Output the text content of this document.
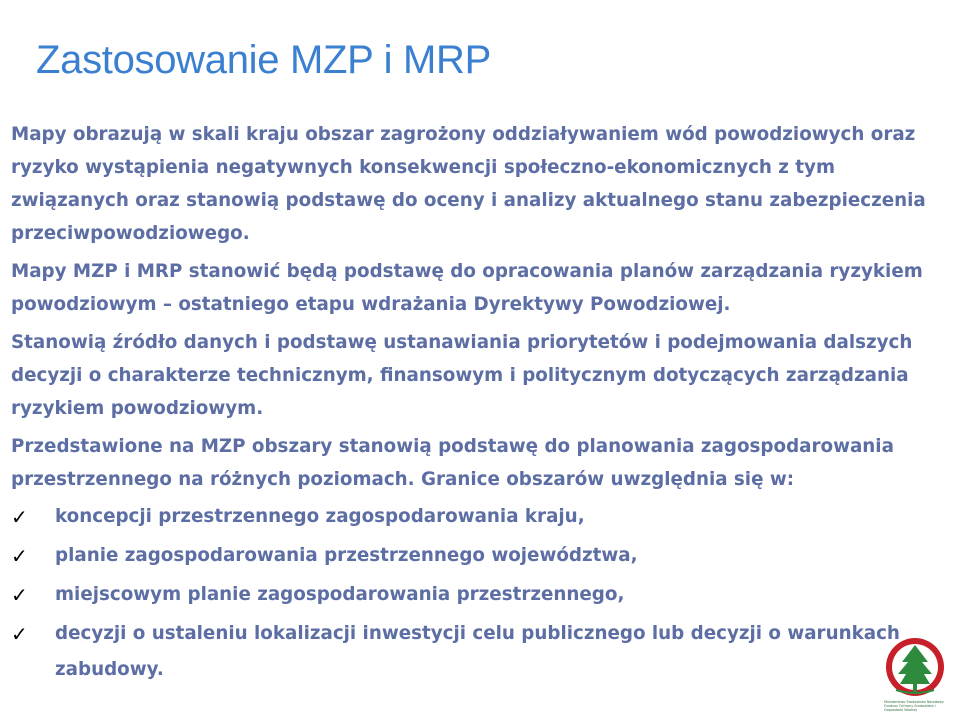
Zastosowanie MZP i MRP

Mapy obrazują w skali kraju obszar zagrożony oddziaływaniem wód powodziowych oraz ryzyko wystąpienia negatywnych konsekwencji społeczno-ekonomicznych z tym związanych oraz stanowią podstawę do oceny i analizy aktualnego stanu zabezpieczenia przeciwpowodziowego.

Mapy MZP i MRP stanowić będą podstawę do opracowania planów zarządzania ryzykiem powodziowym – ostatniego etapu wdrażania Dyrektywy Powodziowej.

Stanowią źródło danych i podstawę ustanawiania priorytetów i podejmowania dalszych decyzji o charakterze technicznym, finansowym i politycznym dotyczących zarządzania ryzykiem powodziowym.

Przedstawione na MZP obszary stanowią podstawę do planowania zagospodarowania przestrzennego na różnych poziomach. Granice obszarów uwzględnia się w:

✓ koncepcji przestrzennego zagospodarowania kraju,
✓ planie zagospodarowania przestrzennego województwa,
✓ miejscowym planie zagospodarowania przestrzennego,
✓ decyzji o ustaleniu lokalizacji inwestycji celu publicznego lub decyzji o warunkach zabudowy.
Ministerstwo Środowiska Narodowy Fundusz Ochrony Środowiska i Gospodarki Wodnej
